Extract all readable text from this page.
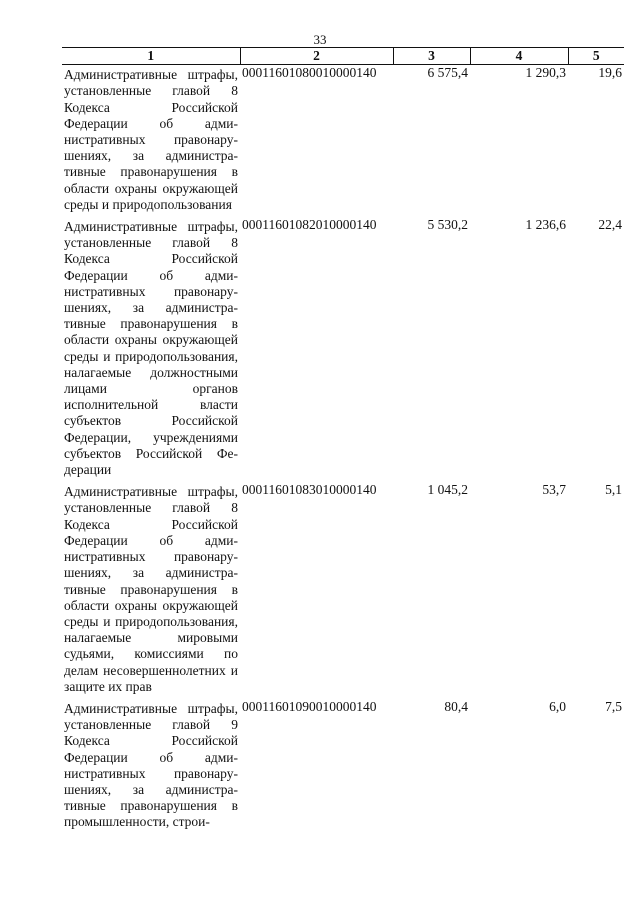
33
1	2	3	4	5
Административные штрафы, установленные главой 8 Кодекса Российской Федерации об административных правонарушениях, за административные правонарушения в области охраны окружающей среды и природопользования	00011601080010000140	6 575,4	1 290,3	19,6
Административные штрафы, установленные главой 8 Кодекса Российской Федерации об административных правонарушениях, за административные правонарушения в области охраны окружающей среды и природопользования, налагаемые должностными лицами органов исполнительной власти субъектов Российской Федерации, учреждениями субъектов Российской Федерации	00011601082010000140	5 530,2	1 236,6	22,4
Административные штрафы, установленные главой 8 Кодекса Российской Федерации об административных правонарушениях, за административные правонарушения в области охраны окружающей среды и природопользования, налагаемые мировыми судьями, комиссиями по делам несовершеннолетних и защите их прав	00011601083010000140	1 045,2	53,7	5,1
Административные штрафы, установленные главой 9 Кодекса Российской Федерации об административных правонарушениях, за административные правонарушения в промышленности, строи-	00011601090010000140	80,4	6,0	7,5
